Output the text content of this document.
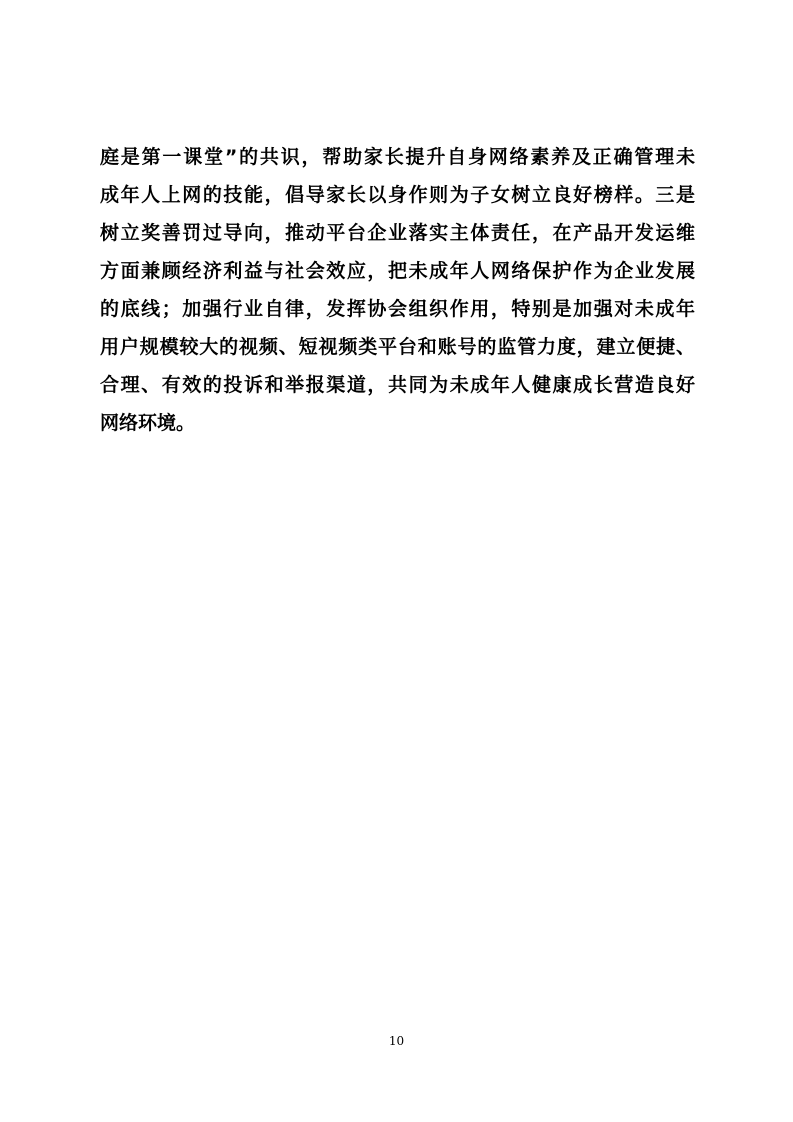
庭是第一课堂”的共识，帮助家长提升自身网络素养及正确管理未
成年人上网的技能，倡导家长以身作则为子女树立良好榜样。三是
树立奖善罚过导向，推动平台企业落实主体责任，在产品开发运维
方面兼顾经济利益与社会效应，把未成年人网络保护作为企业发展
的底线；加强行业自律，发挥协会组织作用，特别是加强对未成年
用户规模较大的视频、短视频类平台和账号的监管力度，建立便捷、
合理、有效的投诉和举报渠道，共同为未成年人健康成长营造良好
网络环境。
10
